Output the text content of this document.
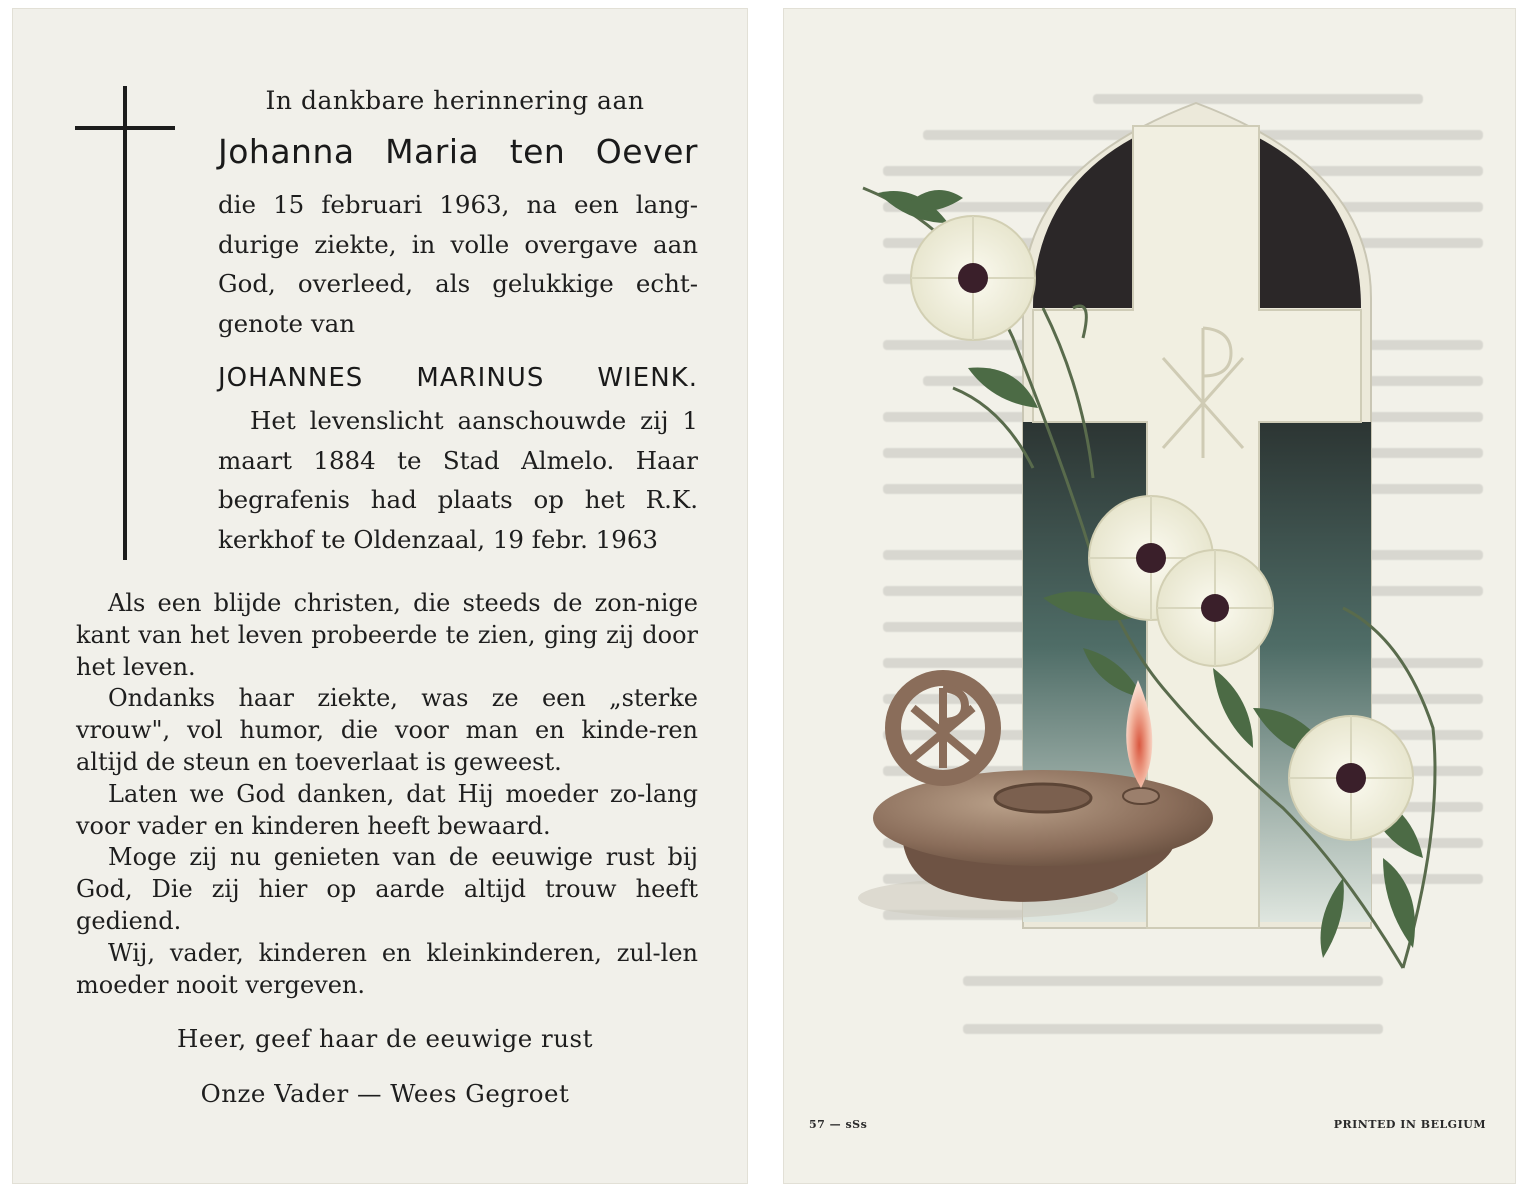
In dankbare herinnering aan
Johanna Maria ten Oever

die 15 februari 1963, na een lang-durige ziekte, in volle overgave aan God, overleed, als gelukkige echt-genote van

JOHANNES MARINUS WIENK.

Het levenslicht aanschouwde zij 1 maart 1884 te Stad Almelo. Haar begrafenis had plaats op het R.K. kerkhof te Oldenzaal, 19 febr. 1963

Als een blijde christen, die steeds de zon-nige kant van het leven probeerde te zien, ging zij door het leven.

Ondanks haar ziekte, was ze een „sterke vrouw", vol humor, die voor man en kinde-ren altijd de steun en toeverlaat is geweest.

Laten we God danken, dat Hij moeder zo-lang voor vader en kinderen heeft bewaard.

Moge zij nu genieten van de eeuwige rust bij God, Die zij hier op aarde altijd trouw heeft gediend.

Wij, vader, kinderen en kleinkinderen, zul-len moeder nooit vergeven.

Heer, geef haar de eeuwige rust
Onze Vader — Wees Gegroet
57 — sSs	PRINTED IN BELGIUM
